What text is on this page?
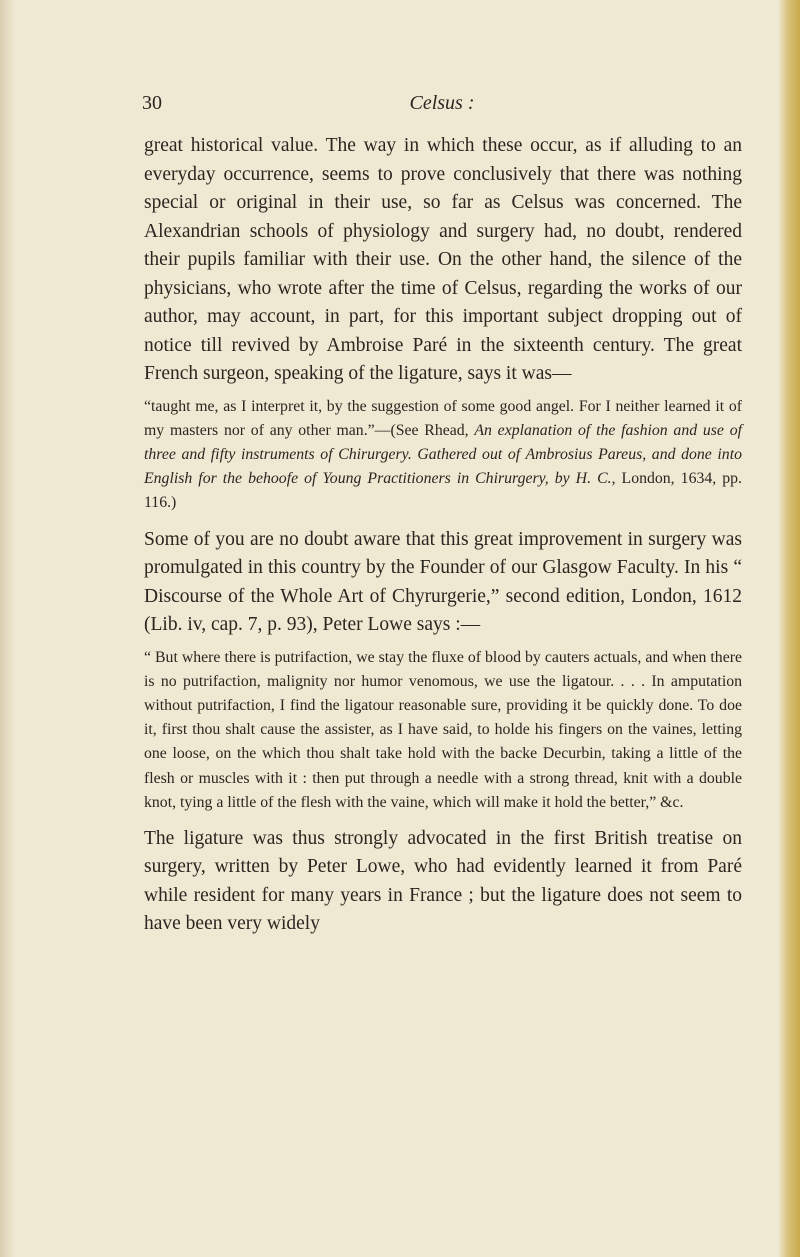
30	Celsus :

great historical value. The way in which these occur, as if alluding to an everyday occurrence, seems to prove conclusively that there was nothing special or original in their use, so far as Celsus was concerned. The Alexandrian schools of physiology and surgery had, no doubt, rendered their pupils familiar with their use. On the other hand, the silence of the physicians, who wrote after the time of Celsus, regarding the works of our author, may account, in part, for this important subject dropping out of notice till revived by Ambroise Paré in the sixteenth century. The great French surgeon, speaking of the ligature, says it was—

“taught me, as I interpret it, by the suggestion of some good angel. For I neither learned it of my masters nor of any other man.”—(See Rhead, An explanation of the fashion and use of three and fifty instruments of Chirurgery. Gathered out of Ambrosius Pareus, and done into English for the behoofe of Young Practitioners in Chirurgery, by H. C., London, 1634, pp. 116.)

Some of you are no doubt aware that this great improvement in surgery was promulgated in this country by the Founder of our Glasgow Faculty. In his “ Discourse of the Whole Art of Chyrurgerie,” second edition, London, 1612 (Lib. iv, cap. 7, p. 93), Peter Lowe says :—

“ But where there is putrifaction, we stay the fluxe of blood by cauters actuals, and when there is no putrifaction, malignity nor humor venomous, we use the ligatour. . . . In amputation without putrifaction, I find the ligatour reasonable sure, providing it be quickly done. To doe it, first thou shalt cause the assister, as I have said, to holde his fingers on the vaines, letting one loose, on the which thou shalt take hold with the backe Decurbin, taking a little of the flesh or muscles with it : then put through a needle with a strong thread, knit with a double knot, tying a little of the flesh with the vaine, which will make it hold the better,” &c.

The ligature was thus strongly advocated in the first British treatise on surgery, written by Peter Lowe, who had evidently learned it from Paré while resident for many years in France ; but the ligature does not seem to have been very widely
